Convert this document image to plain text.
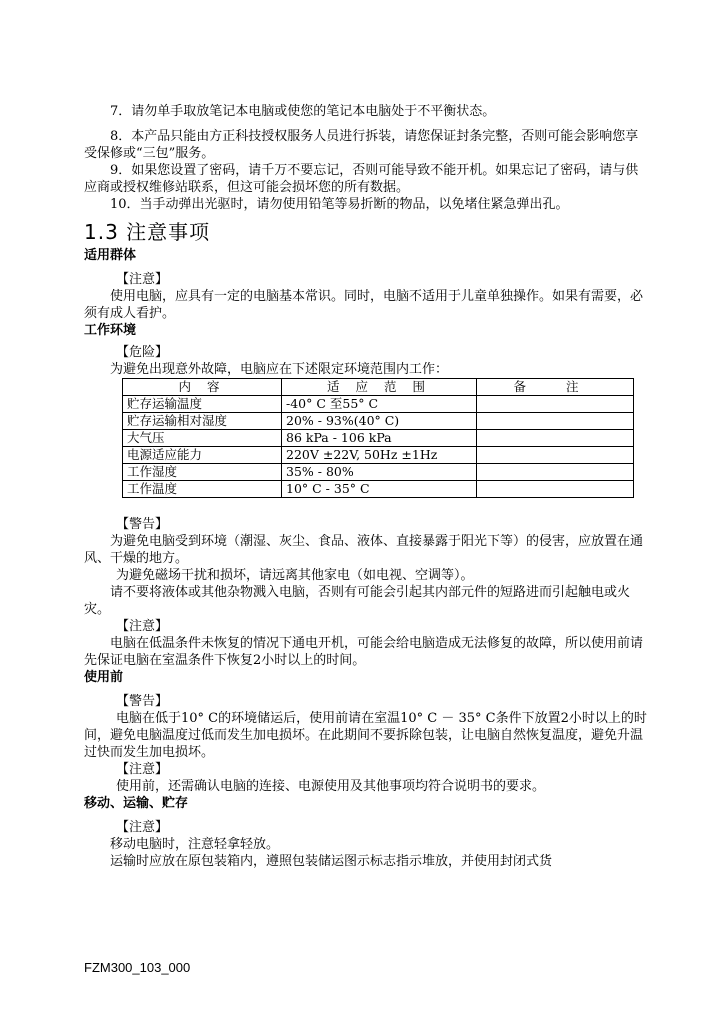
7．请勿单手取放笔记本电脑或使您的笔记本电脑处于不平衡状态。

8．本产品只能由方正科技授权服务人员进行拆装，请您保证封条完整，否则可能会影响您享受保修或“三包”服务。

9．如果您设置了密码，请千万不要忘记，否则可能导致不能开机。如果忘记了密码，请与供应商或授权维修站联系，但这可能会损坏您的所有数据。

10．当手动弹出光驱时，请勿使用铅笔等易折断的物品，以免堵住紧急弹出孔。

1.3 注意事项
适用群体

【注意】

使用电脑，应具有一定的电脑基本常识。同时，电脑不适用于儿童单独操作。如果有需要，必须有成人看护。

工作环境

【危险】

为避免出现意外故障，电脑应在下述限定环境范围内工作：

内 容	适 应 范 围	备 注
贮存运输温度	-40° C 至55° C	
贮存运输相对湿度	20% - 93%(40° C)	
大气压	86 kPa - 106 kPa	
电源适应能力	220V ±22V, 50Hz ±1Hz	
工作湿度	35% - 80%	
工作温度	10° C - 35° C	

【警告】

为避免电脑受到环境（潮湿、灰尘、食品、液体、直接暴露于阳光下等）的侵害，应放置在通风、干燥的地方。

为避免磁场干扰和损坏，请远离其他家电（如电视、空调等）。

请不要将液体或其他杂物溅入电脑，否则有可能会引起其内部元件的短路进而引起触电或火灾。

【注意】

电脑在低温条件未恢复的情况下通电开机，可能会给电脑造成无法修复的故障，所以使用前请先保证电脑在室温条件下恢复2小时以上的时间。

使用前

【警告】

电脑在低于10° C的环境储运后，使用前请在室温10° C － 35° C条件下放置2小时以上的时间，避免电脑温度过低而发生加电损坏。在此期间不要拆除包装，让电脑自然恢复温度，避免升温过快而发生加电损坏。

【注意】

使用前，还需确认电脑的连接、电源使用及其他事项均符合说明书的要求。

移动、运输、贮存

【注意】

移动电脑时，注意轻拿轻放。

运输时应放在原包装箱内，遵照包装储运图示标志指示堆放，并使用封闭式货

FZM300_103_000
